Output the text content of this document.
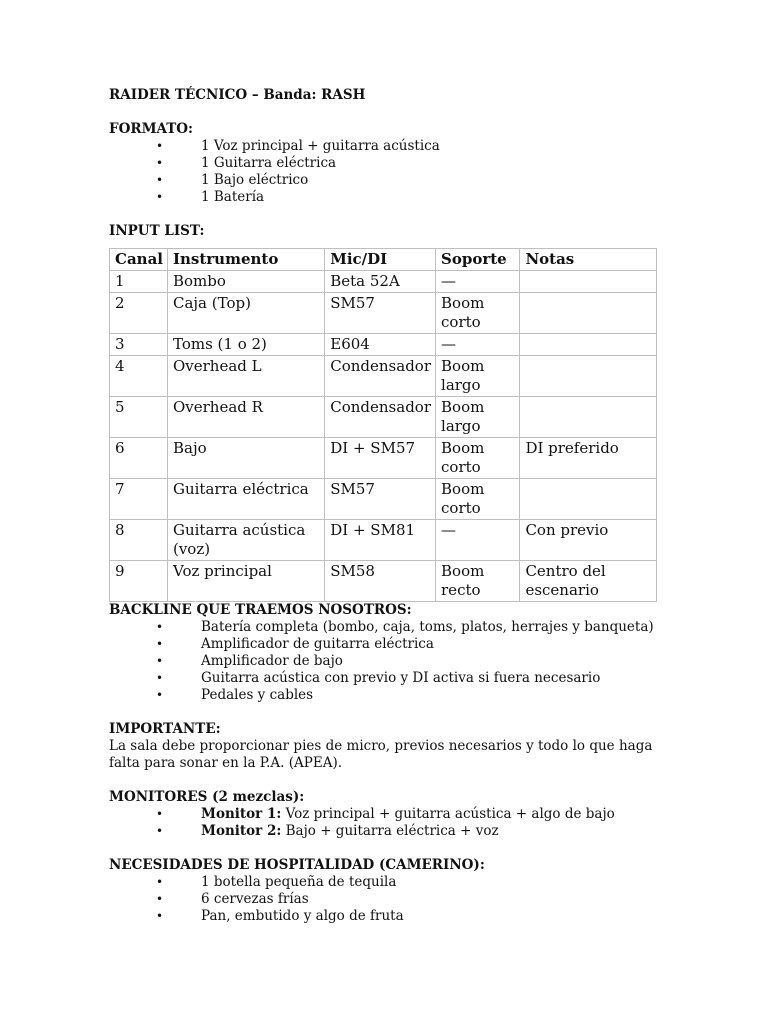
RAIDER TÉCNICO – Banda: RASH

FORMATO:

• 1 Voz principal + guitarra acústica
• 1 Guitarra eléctrica
• 1 Bajo eléctrico
• 1 Batería

INPUT LIST:

Canal	Instrumento	Mic/DI	Soporte	Notas
1	Bombo	Beta 52A	—	
2	Caja (Top)	SM57	Boom corto	
3	Toms (1 o 2)	E604	—	
4	Overhead L	Condensador	Boom largo	
5	Overhead R	Condensador	Boom largo	
6	Bajo	DI + SM57	Boom corto	DI preferido
7	Guitarra eléctrica	SM57	Boom corto	
8	Guitarra acústica (voz)	DI + SM81	—	Con previo
9	Voz principal	SM58	Boom recto	Centro del escenario

BACKLINE QUE TRAEMOS NOSOTROS:

• Batería completa (bombo, caja, toms, platos, herrajes y banqueta)
• Amplificador de guitarra eléctrica
• Amplificador de bajo
• Guitarra acústica con previo y DI activa si fuera necesario
• Pedales y cables

IMPORTANTE:

La sala debe proporcionar pies de micro, previos necesarios y todo lo que haga falta para sonar en la P.A. (APEA).

MONITORES (2 mezclas):

• Monitor 1: Voz principal + guitarra acústica + algo de bajo
• Monitor 2: Bajo + guitarra eléctrica + voz

NECESIDADES DE HOSPITALIDAD (CAMERINO):

• 1 botella pequeña de tequila
• 6 cervezas frías
• Pan, embutido y algo de fruta
